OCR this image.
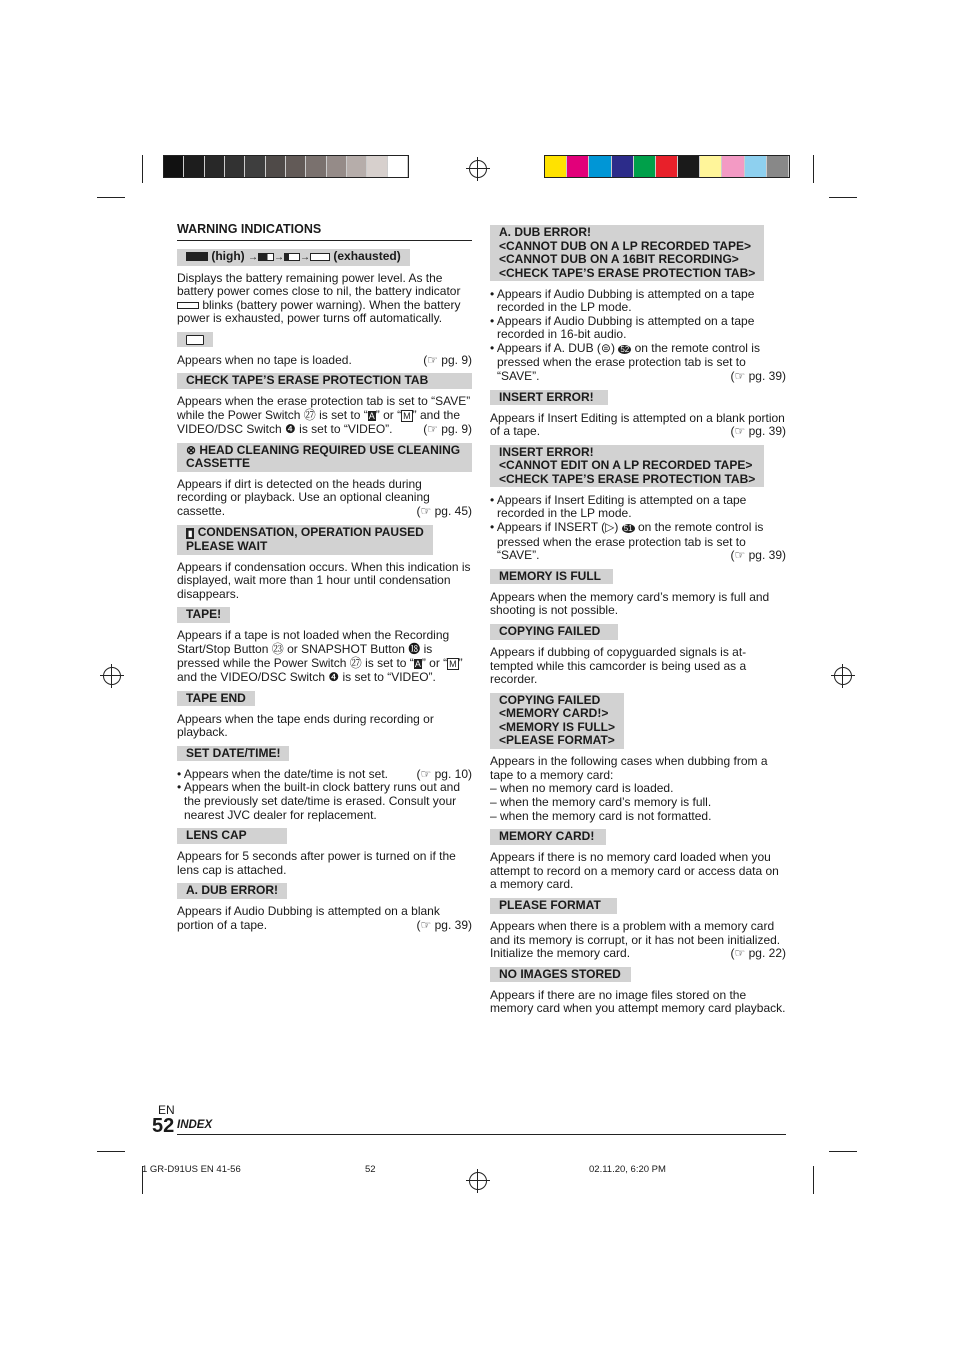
WARNING INDICATIONS
(high) → → → (exhausted)

Displays the battery remaining power level. As the battery power comes close to nil, the battery indicator  blinks (battery power warning). When the battery power is exhausted, power turns off automatically.

Appears when no tape is loaded.	(☞ pg. 9)

CHECK TAPE’S ERASE PROTECTION TAB

Appears when the erase protection tab is set to “SAVE” while the Power Switch ㉗ is set to “A” or “ M ” and the VIDEO/DSC Switch ❹ is set to “VIDEO”.	(☞ pg. 9)

⊗ HEAD CLEANING REQUIRED USE CLEANING CASSETTE

Appears if dirt is detected on the heads during recording or playback. Use an optional cleaning cassette.	(☞ pg. 45)

▮ CONDENSATION, OPERATION PAUSED PLEASE WAIT
Appears if condensation occurs. When this indication is displayed, wait more than 1 hour until condensation disappears.
TAPE!

Appears if a tape is not loaded when the Recording Start/Stop Button ㉓ or SNAPSHOT Button ⓲ is pressed while the Power Switch ㉗ is set to “A” or “ M ” and the VIDEO/DSC Switch ❹ is set to “VIDEO”.

TAPE END
Appears when the tape ends during recording or playback.
SET DATE/TIME!

• Appears when the date/time is not set. (☞ pg. 10)

• Appears when the built-in clock battery runs out and the previously set date/time is erased. Consult your nearest JVC dealer for replacement.

LENS CAP
Appears for 5 seconds after power is turned on if the lens cap is attached.
A. DUB ERROR!

Appears if Audio Dubbing is attempted on a blank portion of a tape.	(☞ pg. 39)

A. DUB ERROR!
<CANNOT DUB ON A LP RECORDED TAPE>
<CANNOT DUB ON A 16BIT RECORDING>
<CHECK TAPE’S ERASE PROTECTION TAB>

• Appears if Audio Dubbing is attempted on a tape recorded in the LP mode.

• Appears if Audio Dubbing is attempted on a tape recorded in 16-bit audio.

• Appears if A. DUB (⊜) 52 on the remote control is pressed when the erase protection tab is set to “SAVE”.	(☞ pg. 39)

INSERT ERROR!

Appears if Insert Editing is attempted on a blank portion of a tape.	(☞ pg. 39)

INSERT ERROR!
<CANNOT EDIT ON A LP RECORDED TAPE>
<CHECK TAPE’S ERASE PROTECTION TAB>

• Appears if Insert Editing is attempted on a tape recorded in the LP mode.

• Appears if INSERT (▷) 51 on the remote control is pressed when the erase protection tab is set to “SAVE”.	(☞ pg. 39)

MEMORY IS FULL
Appears when the memory card’s memory is full and shooting is not possible.
COPYING FAILED
Appears if dubbing of copyguarded signals is at-tempted while this camcorder is being used as a recorder.
COPYING FAILED
<MEMORY CARD!>
<MEMORY IS FULL>
<PLEASE FORMAT>

Appears in the following cases when dubbing from a tape to a memory card:

– when no memory card is loaded.

– when the memory card’s memory is full.

– when the memory card is not formatted.

MEMORY CARD!
Appears if there is no memory card loaded when you attempt to record on a memory card or access data on a memory card.
PLEASE FORMAT

Appears when there is a problem with a memory card and its memory is corrupt, or it has not been initialized. Initialize the memory card.	(☞ pg. 22)

NO IMAGES STORED
Appears if there are no image files stored on the memory card when you attempt memory card playback.
EN
52 INDEX
1 GR-D91US EN 41-56	52	02.11.20, 6:20 PM
